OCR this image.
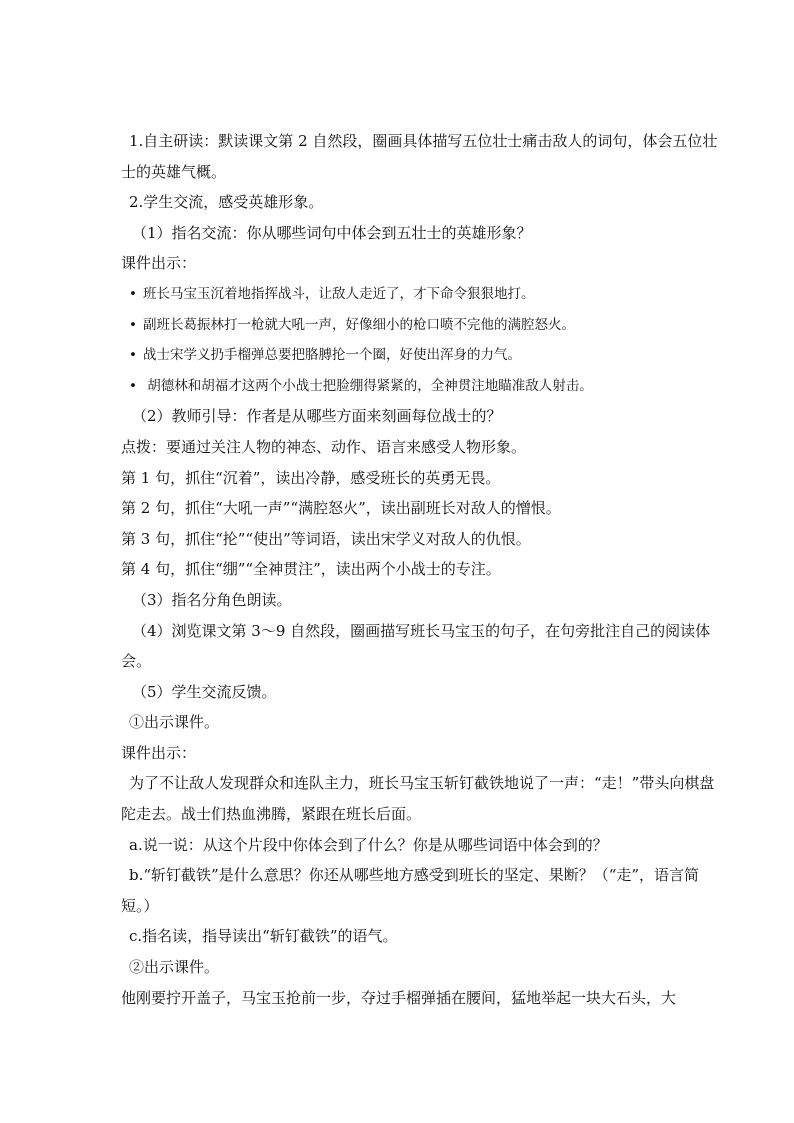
1.自主研读：默读课文第 2 自然段，圈画具体描写五位壮士痛击敌人的词句，体会五位壮士的英雄气概。

2.学生交流，感受英雄形象。

（1）指名交流：你从哪些词句中体会到五壮士的英雄形象？

课件出示：

• 班长马宝玉沉着地指挥战斗，让敌人走近了，才下命令狠狠地打。

• 副班长葛振林打一枪就大吼一声，好像细小的枪口喷不完他的满腔怒火。

• 战士宋学义扔手榴弹总要把胳膊抡一个圈，好使出浑身的力气。

• 胡德林和胡福才这两个小战士把脸绷得紧紧的，全神贯注地瞄准敌人射击。

（2）教师引导：作者是从哪些方面来刻画每位战士的？

点拨：要通过关注人物的神态、动作、语言来感受人物形象。

第 1 句，抓住“沉着”，读出冷静，感受班长的英勇无畏。

第 2 句，抓住“大吼一声”“满腔怒火”，读出副班长对敌人的憎恨。

第 3 句，抓住“抡”“使出”等词语，读出宋学义对敌人的仇恨。

第 4 句，抓住“绷”“全神贯注”，读出两个小战士的专注。

（3）指名分角色朗读。

（4）浏览课文第 3～9 自然段，圈画描写班长马宝玉的句子，在句旁批注自己的阅读体会。

（5）学生交流反馈。

①出示课件。

课件出示：

为了不让敌人发现群众和连队主力，班长马宝玉斩钉截铁地说了一声：“走！”带头向棋盘陀走去。战士们热血沸腾，紧跟在班长后面。

a.说一说：从这个片段中你体会到了什么？你是从哪些词语中体会到的？

b.“斩钉截铁”是什么意思？你还从哪些地方感受到班长的坚定、果断？（“走”，语言简短。）

c.指名读，指导读出“斩钉截铁”的语气。

②出示课件。

他刚要拧开盖子，马宝玉抢前一步，夺过手榴弹插在腰间，猛地举起一块大石头，大
